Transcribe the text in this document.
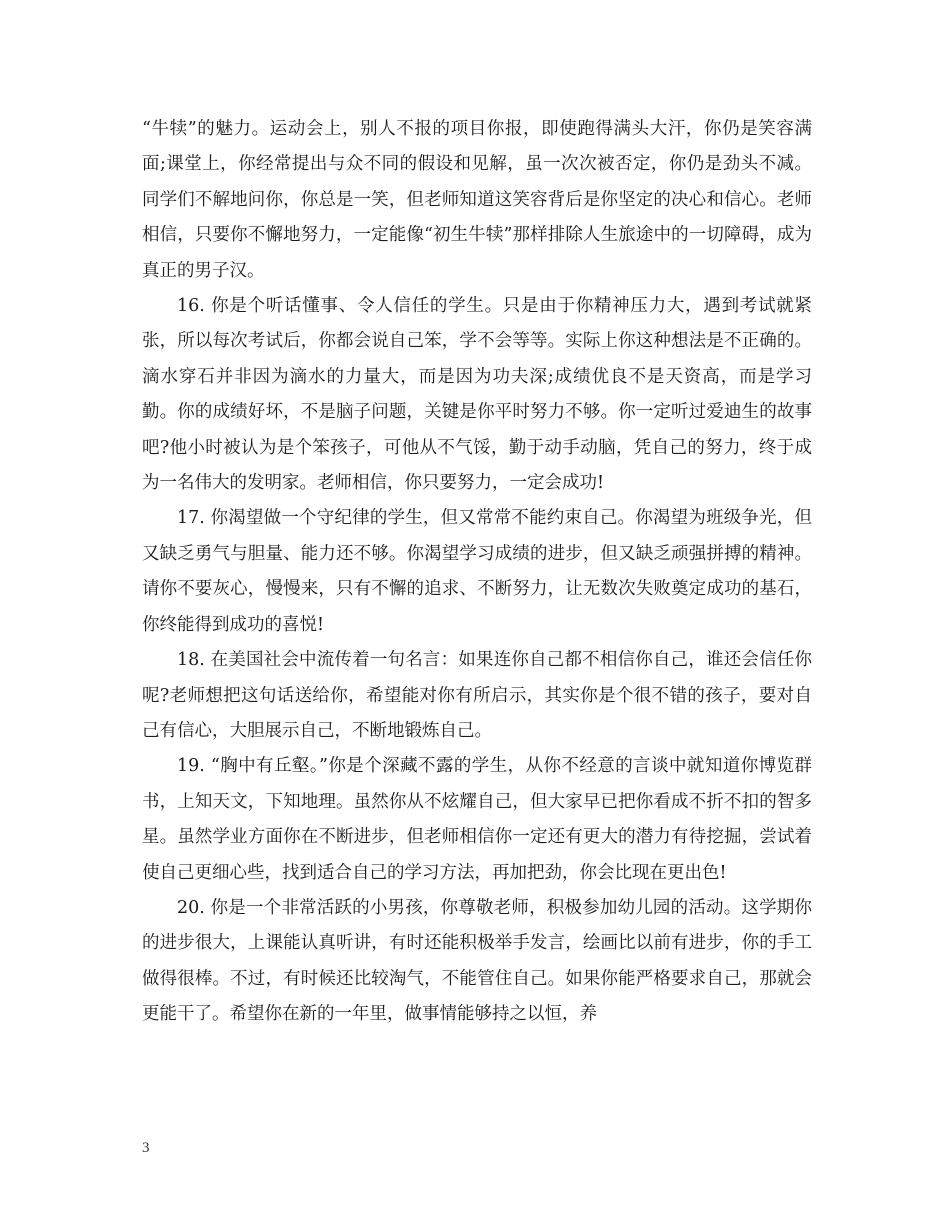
“牛犊”的魅力。运动会上，别人不报的项目你报，即使跑得满头大汗，你仍是笑容满面;课堂上，你经常提出与众不同的假设和见解，虽一次次被否定，你仍是劲头不减。同学们不解地问你，你总是一笑，但老师知道这笑容背后是你坚定的决心和信心。老师相信，只要你不懈地努力，一定能像“初生牛犊”那样排除人生旅途中的一切障碍，成为真正的男子汉。

16. 你是个听话懂事、令人信任的学生。只是由于你精神压力大，遇到考试就紧张，所以每次考试后，你都会说自己笨，学不会等等。实际上你这种想法是不正确的。滴水穿石并非因为滴水的力量大，而是因为功夫深;成绩优良不是天资高，而是学习勤。你的成绩好坏，不是脑子问题，关键是你平时努力不够。你一定听过爱迪生的故事吧?他小时被认为是个笨孩子，可他从不气馁，勤于动手动脑，凭自己的努力，终于成为一名伟大的发明家。老师相信，你只要努力，一定会成功!

17. 你渴望做一个守纪律的学生，但又常常不能约束自己。你渴望为班级争光，但又缺乏勇气与胆量、能力还不够。你渴望学习成绩的进步，但又缺乏顽强拼搏的精神。请你不要灰心，慢慢来，只有不懈的追求、不断努力，让无数次失败奠定成功的基石，你终能得到成功的喜悦!

18. 在美国社会中流传着一句名言：如果连你自己都不相信你自己，谁还会信任你呢?老师想把这句话送给你，希望能对你有所启示，其实你是个很不错的孩子，要对自己有信心，大胆展示自己，不断地锻炼自己。

19. “胸中有丘壑。”你是个深藏不露的学生，从你不经意的言谈中就知道你博览群书，上知天文，下知地理。虽然你从不炫耀自己，但大家早已把你看成不折不扣的智多星。虽然学业方面你在不断进步，但老师相信你一定还有更大的潜力有待挖掘，尝试着使自己更细心些，找到适合自己的学习方法，再加把劲，你会比现在更出色!

20. 你是一个非常活跃的小男孩，你尊敬老师，积极参加幼儿园的活动。这学期你的进步很大，上课能认真听讲，有时还能积极举手发言，绘画比以前有进步，你的手工做得很棒。不过，有时候还比较淘气，不能管住自己。如果你能严格要求自己，那就会更能干了。希望你在新的一年里，做事情能够持之以恒，养

3
